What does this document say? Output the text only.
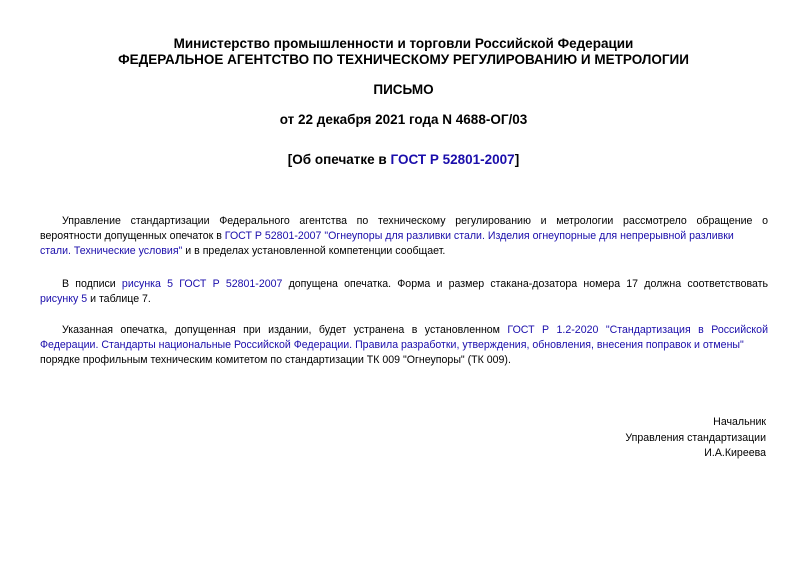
Министерство промышленности и торговли Российской Федерации
ФЕДЕРАЛЬНОЕ АГЕНТСТВО ПО ТЕХНИЧЕСКОМУ РЕГУЛИРОВАНИЮ И МЕТРОЛОГИИ
ПИСЬМО
от 22 декабря 2021 года N 4688-ОГ/03
[Об опечатке в ГОСТ Р 52801-2007]
Управление стандартизации Федерального агентства по техническому регулированию и метрологии рассмотрело обращение о
вероятности допущенных опечаток в ГОСТ Р 52801-2007 "Огнеупоры для разливки стали. Изделия огнеупорные для непрерывной разливки
стали. Технические условия" и в пределах установленной компетенции сообщает.
В подписи рисунка 5 ГОСТ Р 52801-2007 допущена опечатка. Форма и размер стакана-дозатора номера 17 должна соответствовать
рисунку 5 и таблице 7.
Указанная опечатка, допущенная при издании, будет устранена в установленном ГОСТ Р 1.2-2020 "Стандартизация в Российской
Федерации. Стандарты национальные Российской Федерации. Правила разработки, утверждения, обновления, внесения поправок и отмены"
порядке профильным техническим комитетом по стандартизации ТК 009 "Огнеупоры" (ТК 009).
Начальник
Управления стандартизации
И.А.Киреева
